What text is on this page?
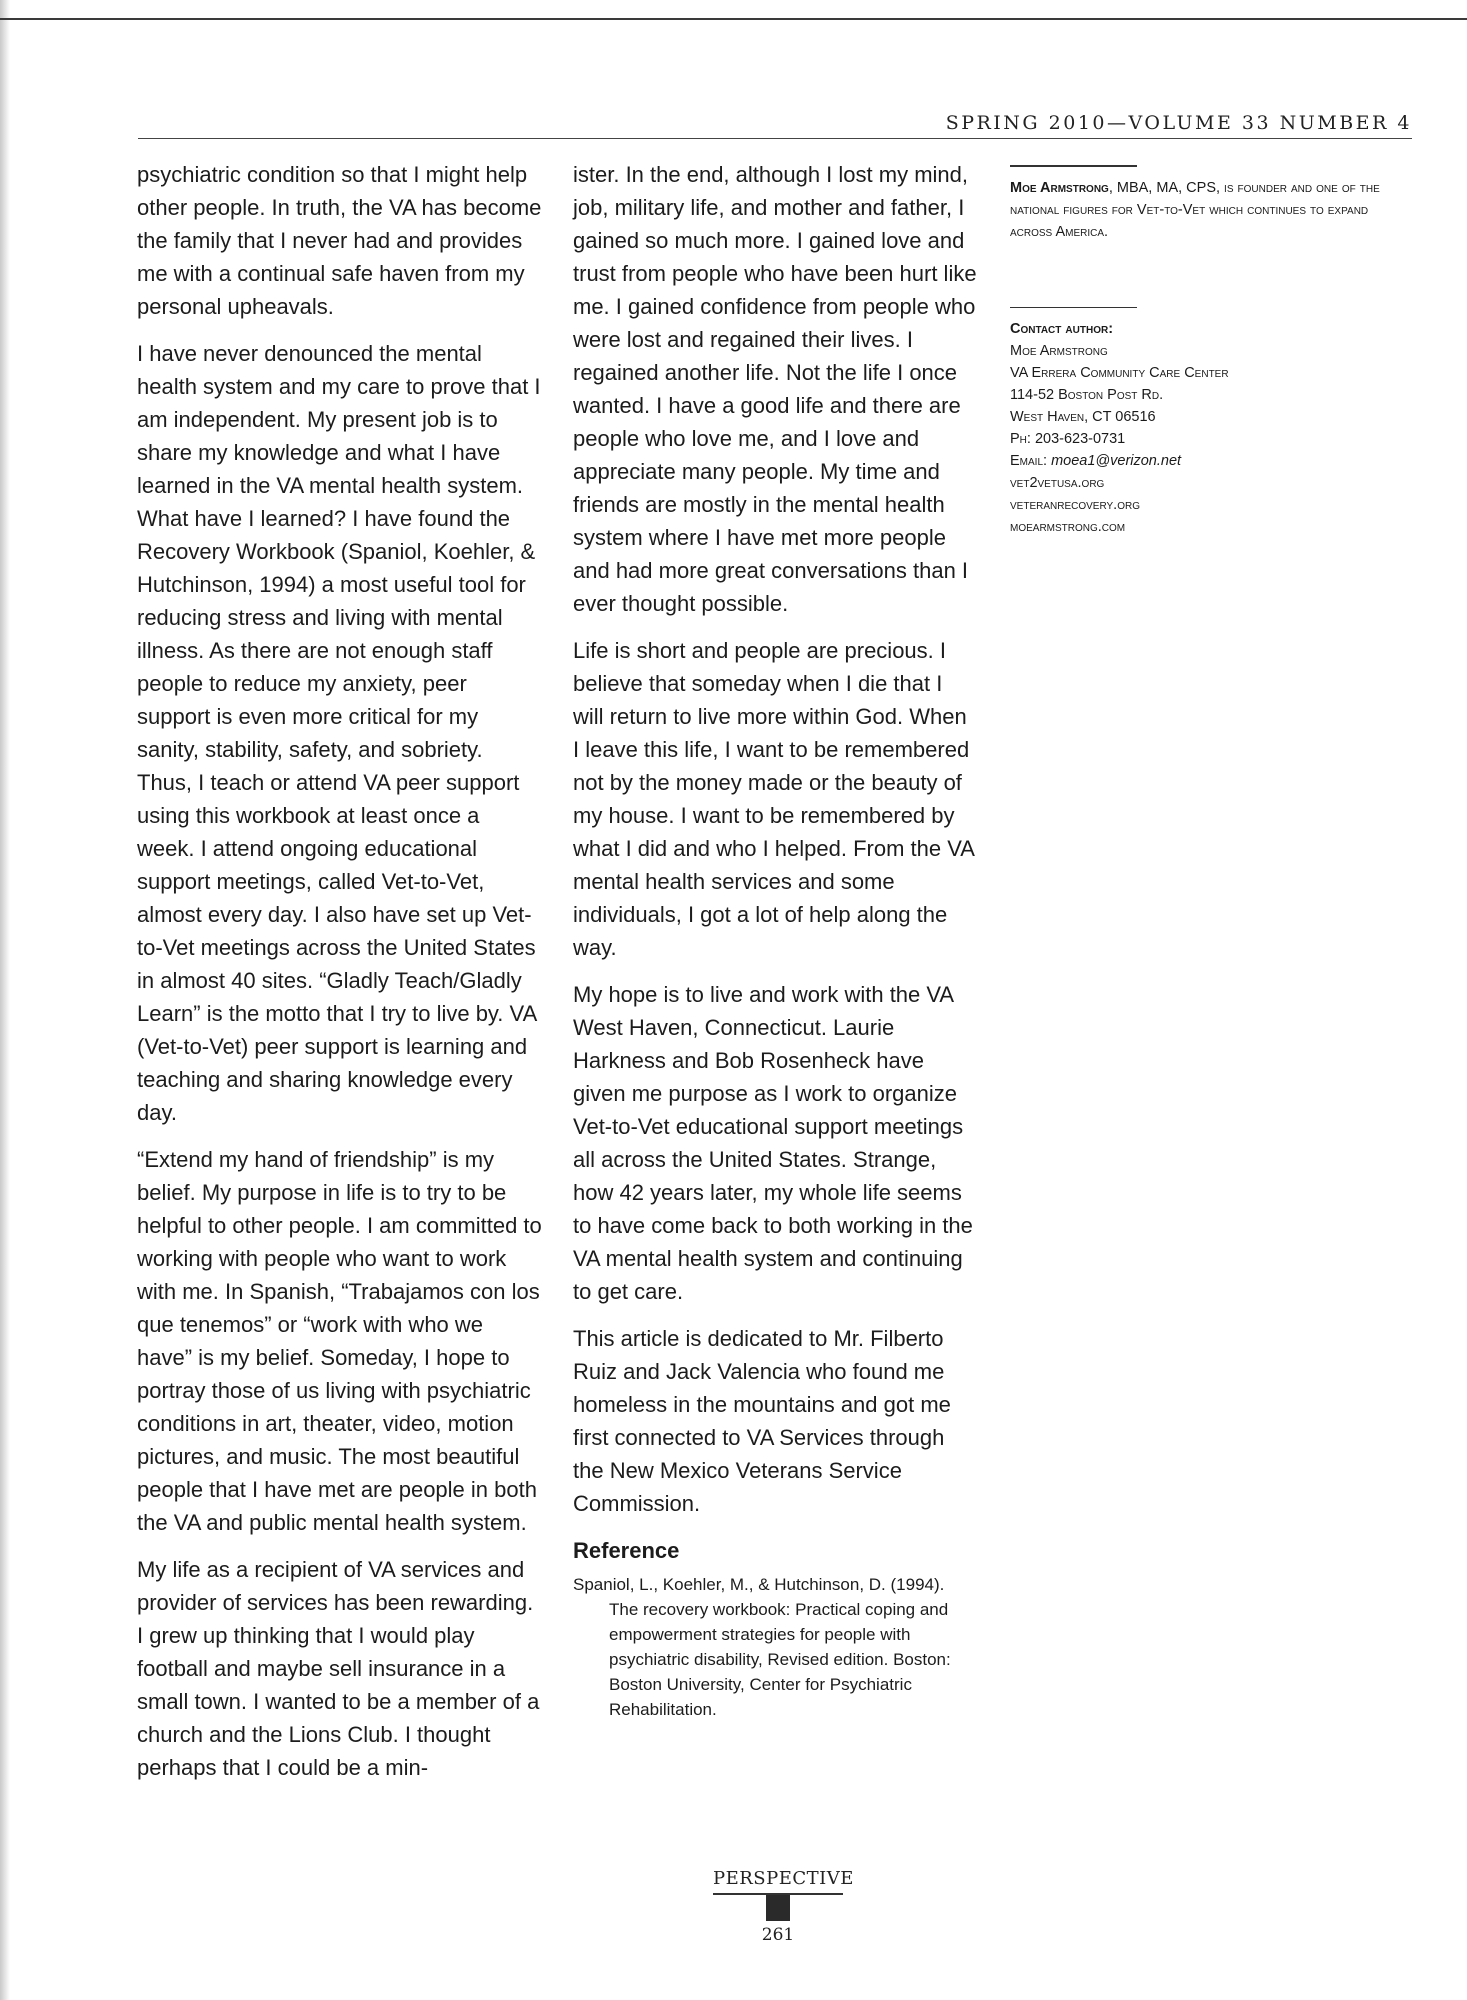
SPRING 2010—VOLUME 33 NUMBER 4

psychiatric condition so that I might help other people. In truth, the VA has become the family that I never had and provides me with a continual safe haven from my personal upheavals.

I have never denounced the mental health system and my care to prove that I am independent. My present job is to share my knowledge and what I have learned in the VA mental health system. What have I learned? I have found the Recovery Workbook (Spaniol, Koehler, & Hutchinson, 1994) a most useful tool for reducing stress and living with mental illness. As there are not enough staff people to reduce my anxiety, peer support is even more critical for my sanity, stability, safety, and sobriety. Thus, I teach or attend VA peer support using this workbook at least once a week. I attend ongoing educational support meetings, called Vet-to-Vet, almost every day. I also have set up Vet-to-Vet meetings across the United States in almost 40 sites. “Gladly Teach/Gladly Learn” is the motto that I try to live by. VA (Vet-to-Vet) peer support is learning and teaching and sharing knowledge every day.

“Extend my hand of friendship” is my belief. My purpose in life is to try to be helpful to other people. I am committed to working with people who want to work with me. In Spanish, “Trabajamos con los que tenemos” or “work with who we have” is my belief. Someday, I hope to portray those of us living with psychiatric conditions in art, theater, video, motion pictures, and music. The most beautiful people that I have met are people in both the VA and public mental health system.

My life as a recipient of VA services and provider of services has been rewarding. I grew up thinking that I would play football and maybe sell insurance in a small town. I wanted to be a member of a church and the Lions Club. I thought perhaps that I could be a min-

ister. In the end, although I lost my mind, job, military life, and mother and father, I gained so much more. I gained love and trust from people who have been hurt like me. I gained confidence from people who were lost and regained their lives. I regained another life. Not the life I once wanted. I have a good life and there are people who love me, and I love and appreciate many people. My time and friends are mostly in the mental health system where I have met more people and had more great conversations than I ever thought possible.

Life is short and people are precious. I believe that someday when I die that I will return to live more within God. When I leave this life, I want to be remembered not by the money made or the beauty of my house. I want to be remembered by what I did and who I helped. From the VA mental health services and some individuals, I got a lot of help along the way.

My hope is to live and work with the VA West Haven, Connecticut. Laurie Harkness and Bob Rosenheck have given me purpose as I work to organize Vet-to-Vet educational support meetings all across the United States. Strange, how 42 years later, my whole life seems to have come back to both working in the VA mental health system and continuing to get care.

This article is dedicated to Mr. Filberto Ruiz and Jack Valencia who found me homeless in the mountains and got me first connected to VA Services through the New Mexico Veterans Service Commission.

Reference
Spaniol, L., Koehler, M., & Hutchinson, D. (1994). The recovery workbook: Practical coping and empowerment strategies for people with psychiatric disability, Revised edition. Boston: Boston University, Center for Psychiatric Rehabilitation.

Moe Armstrong, MBA, MA, CPS, is founder and one of the national figures for Vet-to-Vet which continues to expand across America.

Contact author:

Moe Armstrong

VA Errera Community Care Center

114-52 Boston Post Rd.

West Haven, CT 06516

Ph: 203-623-0731

Email: moea1@verizon.net

vet2vetusa.org

veteranrecovery.org

moearmstrong.com

PERSPECTIVE
261
